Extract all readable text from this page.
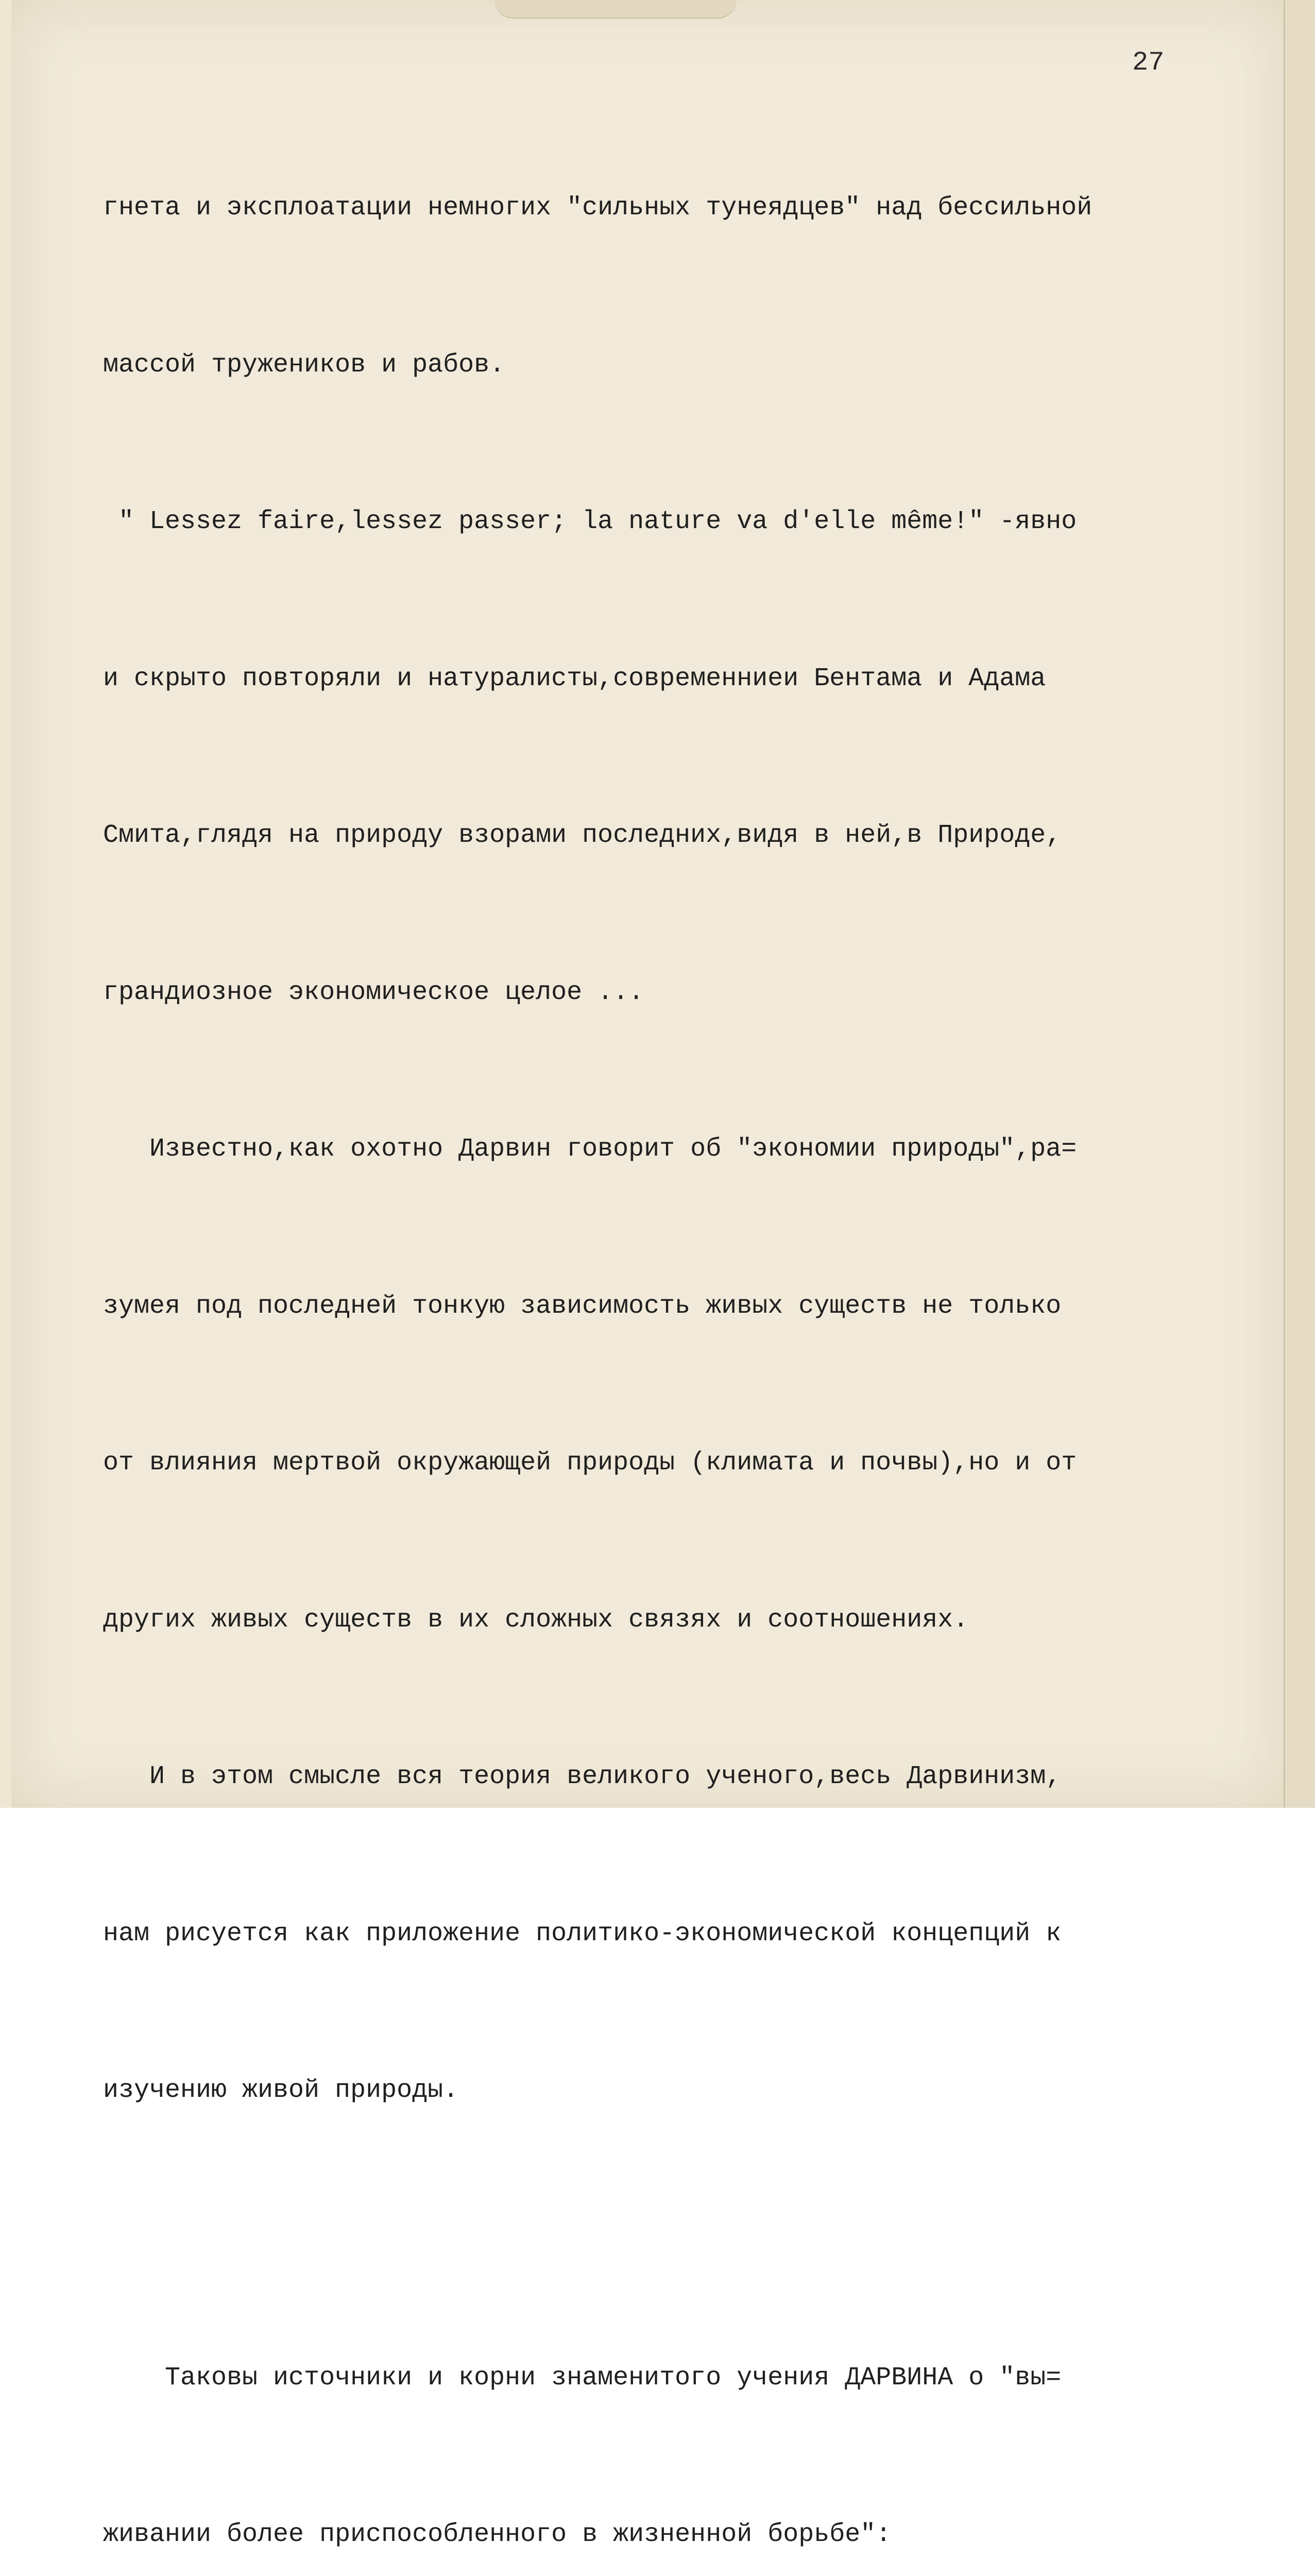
27

гнета и эксплоатации немногих "сильных тунеядцев" над бессильной

массой тружеников и рабов.

" Lessez faire,lessez passer; la nature va d'elle même!" -явно

и скрыто повторяли и натуралисты,современниеи Бентама и Адама

Смита,глядя на природу взорами последних,видя в ней,в Природе,

грандиозное экономическое целое ...

Известно,как охотно Дарвин говорит об "экономии природы",ра=

зумея под последней тонкую зависимость живых существ не только

от влияния мертвой окружающей природы (климата и почвы),но и от

других живых существ в их сложных связях и соотношениях.

И в этом смысле вся теория великого ученого,весь Дарвинизм,

нам рисуется как приложение политико-экономической концепций к

изучению живой природы.

Таковы источники и корни знаменитого учения ДАРВИНА о "вы=

живании более приспособленного в жизненной борьбе":
